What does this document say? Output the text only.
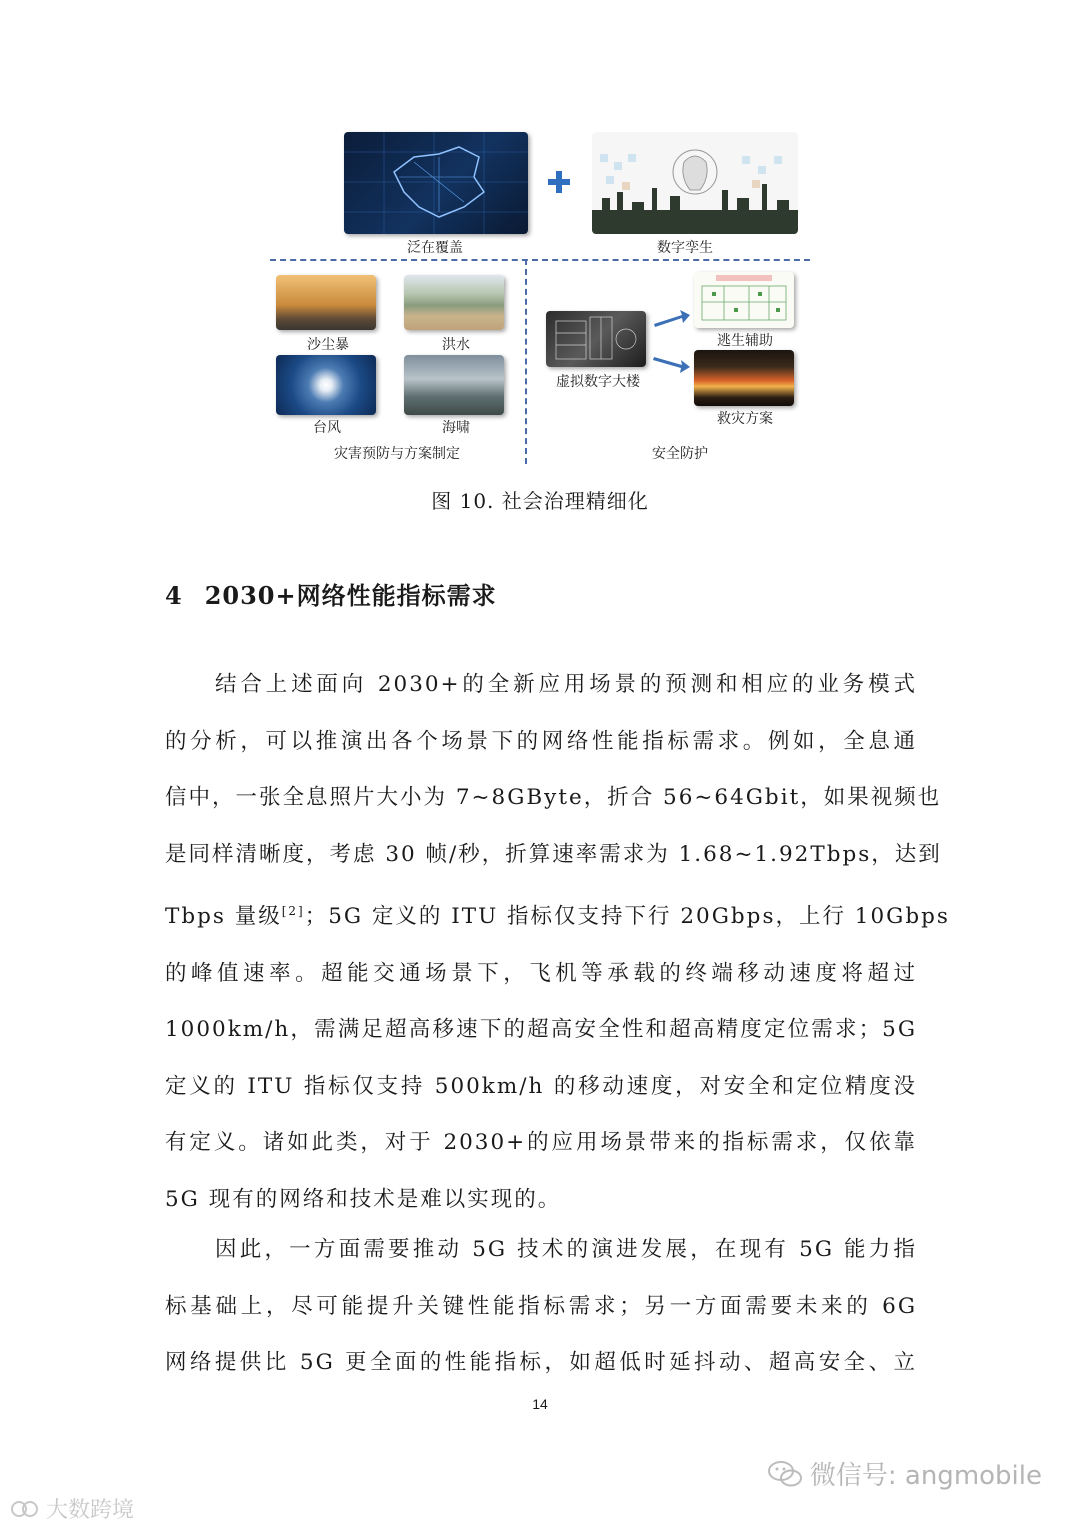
泛在覆盖	数字孪生
沙尘暴	洪水
台风	海啸
灾害预防与方案制定
虚拟数字大楼
逃生辅助
救灾方案
安全防护
图 10. 社会治理精细化
4 2030+网络性能指标需求
结合上述面向 2030+的全新应用场景的预测和相应的业务模式
的分析，可以推演出各个场景下的网络性能指标需求。例如，全息通
信中，一张全息照片大小为 7~8GByte，折合 56~64Gbit，如果视频也
是同样清晰度，考虑 30 帧/秒，折算速率需求为 1.68~1.92Tbps，达到
Tbps 量级[2]；5G 定义的 ITU 指标仅支持下行 20Gbps，上行 10Gbps
的峰值速率。超能交通场景下，飞机等承载的终端移动速度将超过
1000km/h，需满足超高移速下的超高安全性和超高精度定位需求；5G
定义的 ITU 指标仅支持 500km/h 的移动速度，对安全和定位精度没
有定义。诸如此类，对于 2030+的应用场景带来的指标需求，仅依靠
5G 现有的网络和技术是难以实现的。
因此，一方面需要推动 5G 技术的演进发展，在现有 5G 能力指
标基础上，尽可能提升关键性能指标需求；另一方面需要未来的 6G
网络提供比 5G 更全面的性能指标，如超低时延抖动、超高安全、立
14
微信号: angmobile
大数跨境
